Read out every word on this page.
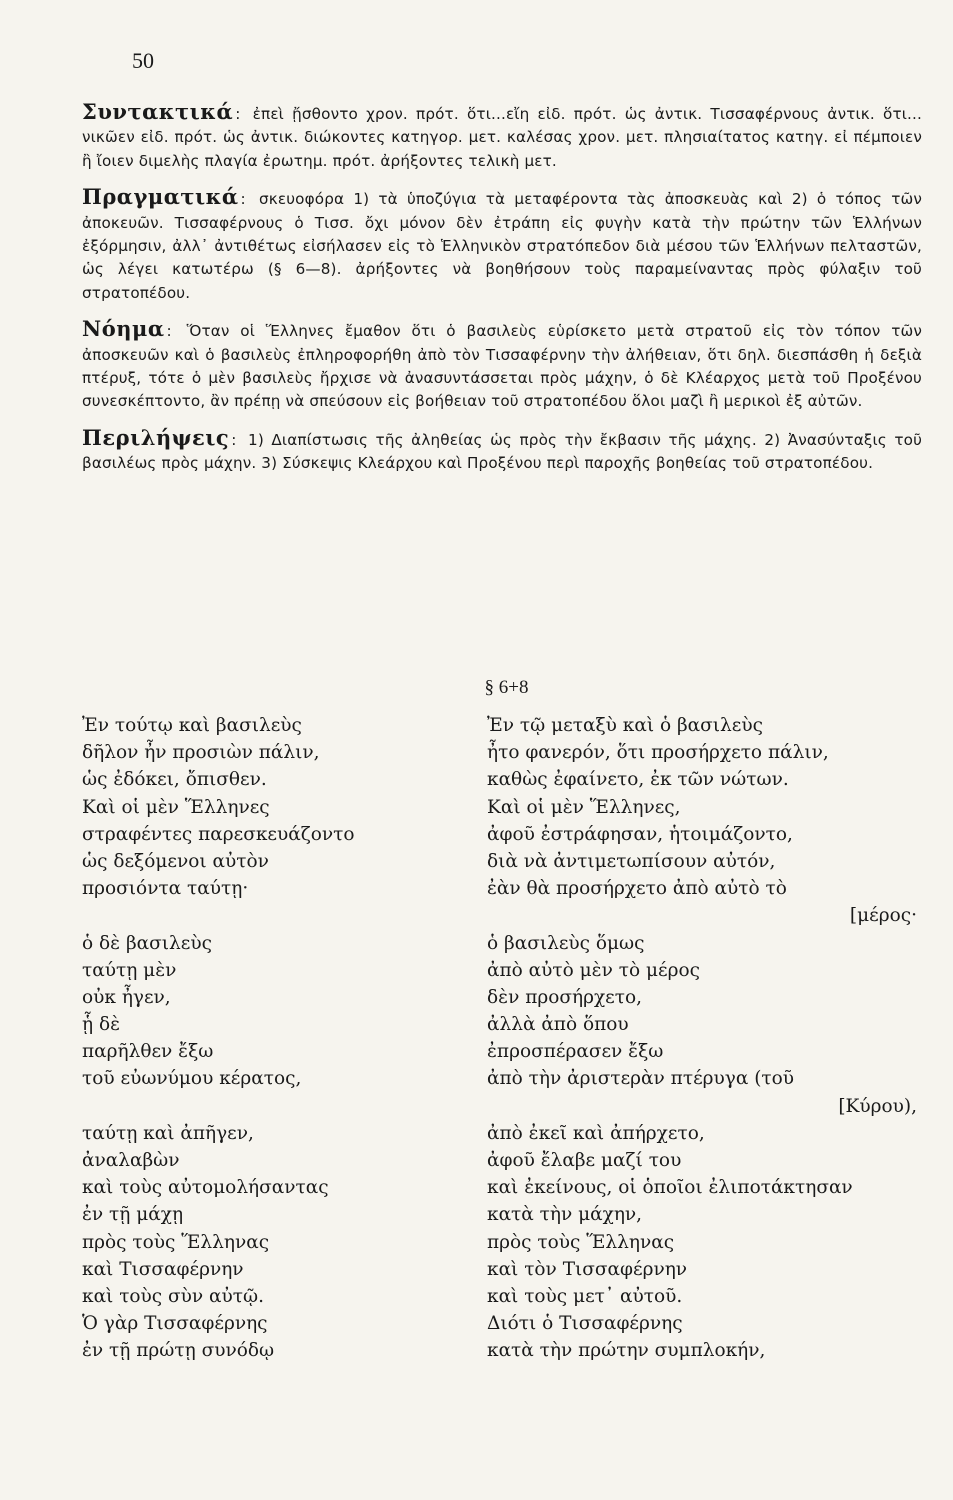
50

Συντακτικά : ἐπεὶ ᾔσθοντο χρον. πρότ. ὅτι...εἴη εἰδ. πρότ. ὡς ἀντικ. Τισσαφέρνους ἀντικ. ὅτι... νικῶεν εἰδ. πρότ. ὡς ἀντικ. διώκοντες κατηγορ. μετ. καλέσας χρον. μετ. πλησιαίτατος κατηγ. εἰ πέμποιεν ἢ ἴοιεν διμελὴς πλαγία ἐρωτημ. πρότ. ἀρήξοντες τελικὴ μετ.

Πραγματικά : σκευοφόρα 1) τὰ ὑποζύγια τὰ μεταφέροντα τὰς ἀποσκευὰς καὶ 2) ὁ τόπος τῶν ἀποκευῶν. Τισσαφέρνους ὁ Τισσ. ὄχι μόνον δὲν ἐτράπη εἰς φυγὴν κατὰ τὴν πρώτην τῶν Ἑλλήνων ἐξόρμησιν, ἀλλ᾽ ἀντιθέτως εἰσήλασεν εἰς τὸ Ἑλληνικὸν στρατόπεδον διὰ μέσου τῶν Ἑλλήνων πελταστῶν, ὡς λέγει κατωτέρω (§ 6—8). ἀρήξοντες νὰ βοηθήσουν τοὺς παραμείναντας πρὸς φύλαξιν τοῦ στρατοπέδου.

Νόημα : Ὅταν οἱ Ἕλληνες ἔμαθον ὅτι ὁ βασιλεὺς εὑρίσκετο μετὰ στρατοῦ εἰς τὸν τόπον τῶν ἀποσκευῶν καὶ ὁ βασιλεὺς ἐπληροφορήθη ἀπὸ τὸν Τισσαφέρνην τὴν ἀλήθειαν, ὅτι δηλ. διεσπάσθη ἡ δεξιὰ πτέρυξ, τότε ὁ μὲν βασιλεὺς ἤρχισε νὰ ἀνασυντάσσεται πρὸς μάχην, ὁ δὲ Κλέαρχος μετὰ τοῦ Προξένου συνεσκέπτοντο, ἂν πρέπῃ νὰ σπεύσουν εἰς βοήθειαν τοῦ στρατοπέδου ὅλοι μαζὶ ἢ μερικοὶ ἐξ αὐτῶν.

Περιλήψεις : 1) Διαπίστωσις τῆς ἀληθείας ὡς πρὸς τὴν ἔκβασιν τῆς μάχης. 2) Ἀνασύνταξις τοῦ βασιλέως πρὸς μάχην. 3) Σύσκεψις Κλεάρχου καὶ Προξένου περὶ παροχῆς βοηθείας τοῦ στρατοπέδου.

§ 6+8
Ἐν τούτῳ καὶ βασιλεὺς
δῆλον ἦν προσιὼν πάλιν,
ὡς ἐδόκει, ὄπισθεν.
Καὶ οἱ μὲν Ἕλληνες
στραφέντες παρεσκευάζοντο
ὡς δεξόμενοι αὐτὸν
προσιόντα ταύτῃ·
ὁ δὲ βασιλεὺς
ταύτῃ μὲν
οὐκ ἦγεν,
ᾗ δὲ
παρῆλθεν ἔξω
τοῦ εὐωνύμου κέρατος,
ταύτῃ καὶ ἀπῆγεν,
ἀναλαβὼν
καὶ τοὺς αὐτομολήσαντας
ἐν τῇ μάχῃ
πρὸς τοὺς Ἕλληνας
καὶ Τισσαφέρνην
καὶ τοὺς σὺν αὐτῷ.
Ὁ γὰρ Τισσαφέρνης
ἐν τῇ πρώτῃ συνόδῳ
Ἐν τῷ μεταξὺ καὶ ὁ βασιλεὺς
ἦτο φανερόν, ὅτι προσήρχετο πάλιν,
καθὼς ἐφαίνετο, ἐκ τῶν νώτων.
Καὶ οἱ μὲν Ἕλληνες,
ἀφοῦ ἐστράφησαν, ἡτοιμάζοντο,
διὰ νὰ ἀντιμετωπίσουν αὐτόν,
ἐὰν θὰ προσήρχετο ἀπὸ αὐτὸ τὸ
[μέρος·
ὁ βασιλεὺς ὅμως
ἀπὸ αὐτὸ μὲν τὸ μέρος
δὲν προσήρχετο,
ἀλλὰ ἀπὸ ὅπου
ἐπροσπέρασεν ἔξω
ἀπὸ τὴν ἀριστερὰν πτέρυγα (τοῦ
[Κύρου),
ἀπὸ ἐκεῖ καὶ ἀπήρχετο,
ἀφοῦ ἔλαβε μαζί του
καὶ ἐκείνους, οἱ ὁποῖοι ἐλιποτάκτησαν
κατὰ τὴν μάχην,
πρὸς τοὺς Ἕλληνας
καὶ τὸν Τισσαφέρνην
καὶ τοὺς μετ᾽ αὐτοῦ.
Διότι ὁ Τισσαφέρνης
κατὰ τὴν πρώτην συμπλοκήν,
